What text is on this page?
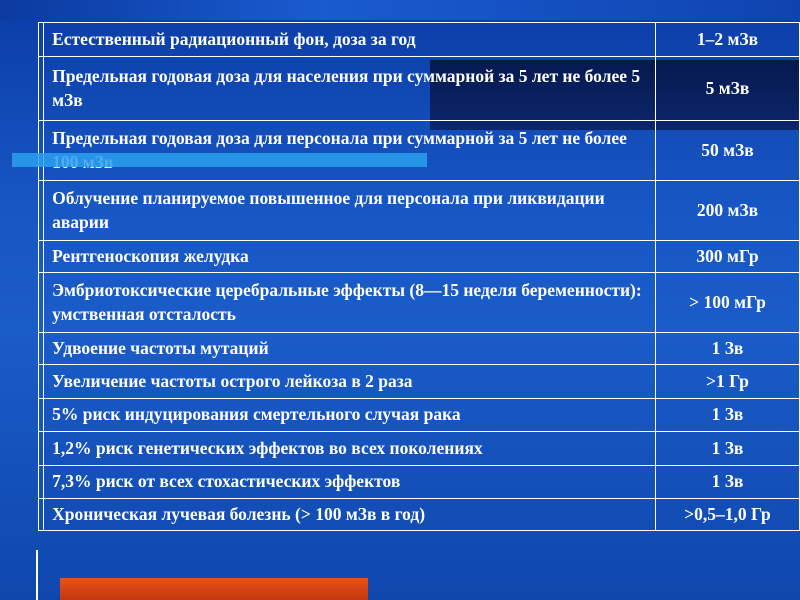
	Естественный радиационный фон, доза за год	1–2 мЗв
	Предельная годовая доза для населения при суммарной за 5 лет не более 5 мЗв	5 мЗв
	Предельная годовая доза для персонала при суммарной за 5 лет не более	50 мЗв
	Облучение планируемое повышенное для персонала при ликвидации аварии	200 мЗв
	Рентгеноскопия желудка	300 мГр
	Эмбриотоксические церебральные эффекты (8—15 неделя беременности): умственная отсталость	> 100 мГр
	Удвоение частоты мутаций	1 Зв
	Увеличение частоты острого лейкоза в 2 раза	>1 Гр
	5% риск индуцирования смертельного случая рака	1 Зв
	1,2% риск генетических эффектов во всех поколениях	1 Зв
	7,3% риск от всех стохастических эффектов	1 Зв
	Хроническая лучевая болезнь (> 100 мЗв в год)	>0,5–1,0 Гр
